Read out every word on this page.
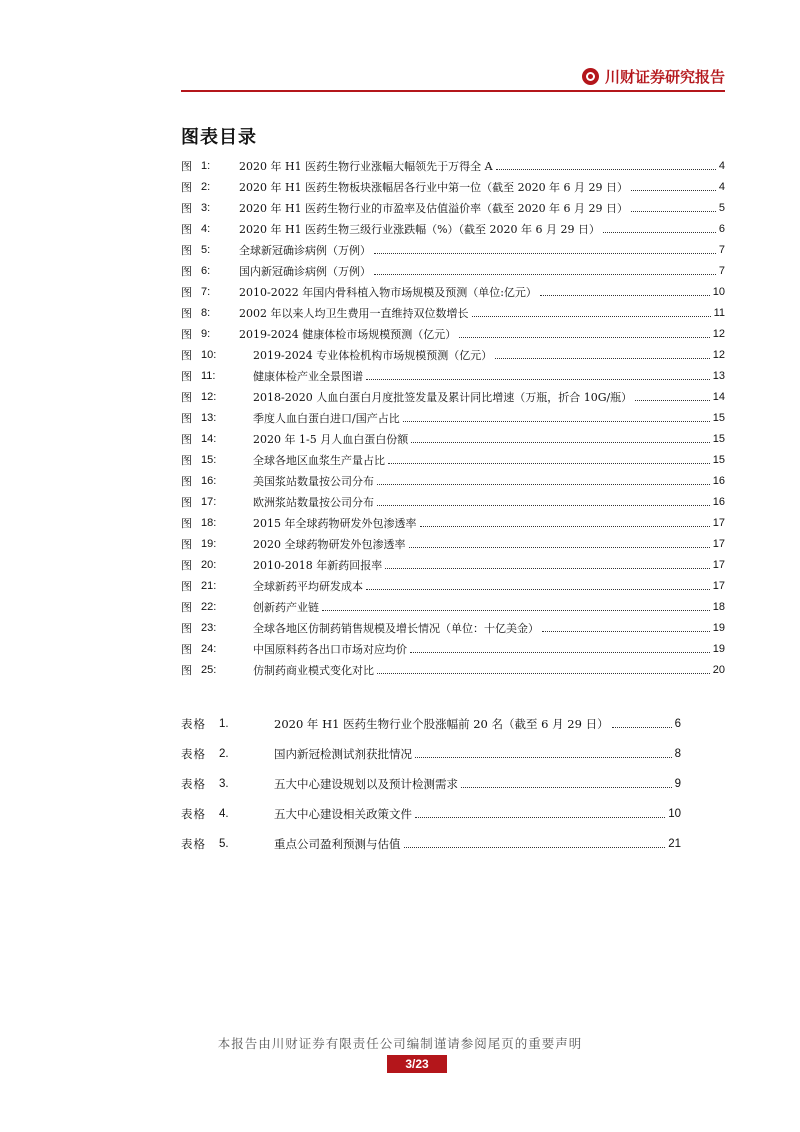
川财证券研究报告
图表目录
图 1:	2020 年 H1 医药生物行业涨幅大幅领先于万得全 A	4
图 2:	2020 年 H1 医药生物板块涨幅居各行业中第一位（截至 2020 年 6 月 29 日）	4
图 3:	2020 年 H1 医药生物行业的市盈率及估值溢价率（截至 2020 年 6 月 29 日）	5
图 4:	2020 年 H1 医药生物三级行业涨跌幅（%）（截至 2020 年 6 月 29 日）	6
图 5:	全球新冠确诊病例（万例）	7
图 6:	国内新冠确诊病例（万例）	7
图 7:	2010-2022 年国内骨科植入物市场规模及预测（单位:亿元）	10
图 8:	2002 年以来人均卫生费用一直维持双位数增长	11
图 9:	2019-2024 健康体检市场规模预测（亿元）	12
图 10:	2019-2024 专业体检机构市场规模预测（亿元）	12
图 11:	健康体检产业全景图谱	13
图 12:	2018-2020 人血白蛋白月度批签发量及累计同比增速（万瓶，折合 10G/瓶）	14
图 13:	季度人血白蛋白进口/国产占比	15
图 14:	2020 年 1-5 月人血白蛋白份额	15
图 15:	全球各地区血浆生产量占比	15
图 16:	美国浆站数量按公司分布	16
图 17:	欧洲浆站数量按公司分布	16
图 18:	2015 年全球药物研发外包渗透率	17
图 19:	2020 全球药物研发外包渗透率	17
图 20:	2010-2018 年新药回报率	17
图 21:	全球新药平均研发成本	17
图 22:	创新药产业链	18
图 23:	全球各地区仿制药销售规模及增长情况（单位：十亿美金）	19
图 24:	中国原料药各出口市场对应均价	19
图 25:	仿制药商业模式变化对比	20
表格	1.	2020 年 H1 医药生物行业个股涨幅前 20 名（截至 6 月 29 日）	6
表格	2.	国内新冠检测试剂获批情况	8
表格	3.	五大中心建设规划以及预计检测需求	9
表格	4.	五大中心建设相关政策文件	10
表格	5.	重点公司盈利预测与估值	21
本报告由川财证券有限责任公司编制谨请参阅尾页的重要声明
3/23
